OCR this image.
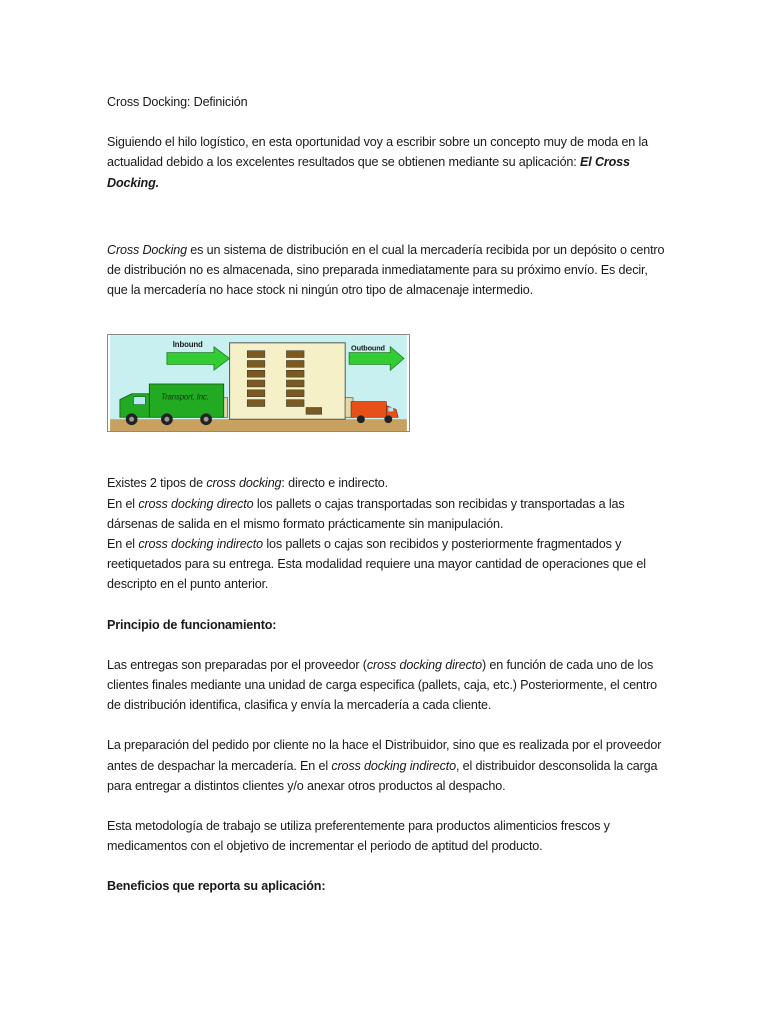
Cross Docking: Definición

Siguiendo el hilo logístico, en esta oportunidad voy a escribir sobre un concepto muy de moda en la actualidad debido a los excelentes resultados que se obtienen mediante su aplicación: El Cross Docking.

Cross Docking es un sistema de distribución en el cual la mercadería recibida por un depósito o centro de distribución no es almacenada, sino preparada inmediatamente para su próximo envío. Es decir, que la mercadería no hace stock ni ningún otro tipo de almacenaje intermedio.

Inbound	Outbound
Transport, Inc.

Existes 2 tipos de cross docking: directo e indirecto.

En el cross docking directo los pallets o cajas transportadas son recibidas y transportadas a las dársenas de salida en el mismo formato prácticamente sin manipulación.

En el cross docking indirecto los pallets o cajas son recibidos y posteriormente fragmentados y reetiquetados para su entrega. Esta modalidad requiere una mayor cantidad de operaciones que el descripto en el punto anterior.

Principio de funcionamiento:

Las entregas son preparadas por el proveedor (cross docking directo) en función de cada uno de los clientes finales mediante una unidad de carga especifica (pallets, caja, etc.) Posteriormente, el centro de distribución identifica, clasifica y envía la mercadería a cada cliente.

La preparación del pedido por cliente no la hace el Distribuidor, sino que es realizada por el proveedor antes de despachar la mercadería. En el cross docking indirecto, el distribuidor desconsolida la carga para entregar a distintos clientes y/o anexar otros productos al despacho.

Esta metodología de trabajo se utiliza preferentemente para productos alimenticios frescos y medicamentos con el objetivo de incrementar el periodo de aptitud del producto.

Beneficios que reporta su aplicación:
